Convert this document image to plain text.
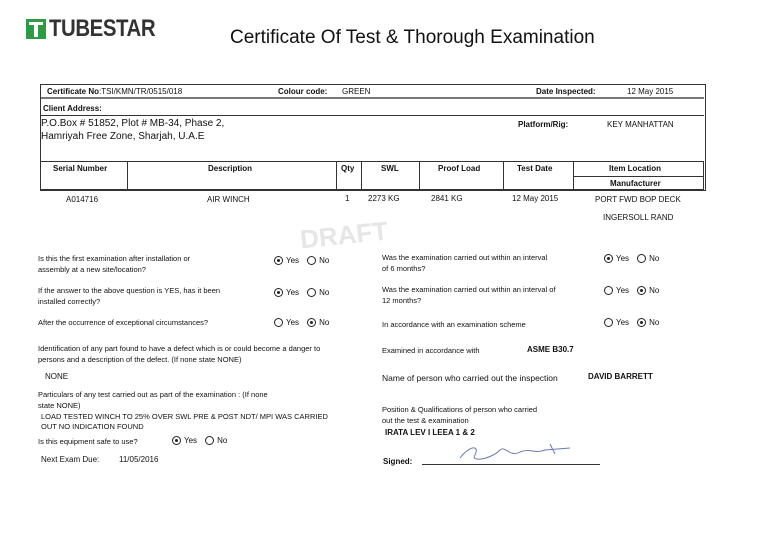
TUBESTAR	Certificate Of Test & Thorough Examination
DRAFT
Certificate No:TSI/KMN/TR/0515/018	Colour code: GREEN	Date Inspected:	12 May 2015
Client Address:
P.O.Box # 51852, Plot # MB-34, Phase 2,
Hamriyah Free Zone, Sharjah, U.A.E
Platform/Rig:	KEY MANHATTAN
Serial Number	Description	Qty	SWL	Proof Load	Test Date	Item Location
Manufacturer
A014716	AIR WINCH	1 2273 KG	2841 KG	12 May 2015	PORT FWD BOP DECK
INGERSOLL RAND
Is this the first examination after installation or
assembly at a new site/location?
Yes	No
If the answer to the above question is YES, has it been
installed correctly?
Yes	No
After the occurrence of exceptional circumstances?	Yes	No
Identification of any part found to have a defect which is or could become a danger to
persons and a description of the defect. (If none state NONE)
NONE
Particulars of any test carried out as part of the examination : (If none
state NONE)
LOAD TESTED WINCH TO 25% OVER SWL PRE & POST NDT/ MPI WAS CARRIED
OUT NO INDICATION FOUND
Is this equipment safe to use?	Yes	No
Next Exam Due: 11/05/2016
Was the examination carried out within an interval
of 6 months?
Yes	No
Was the examination carried out within an interval of
12 months?
Yes	No
In accordance with an examination scheme	Yes	No
Examined in accordance with	ASME B30.7
Name of person who carried out the inspection	DAVID BARRETT
Position & Qualifications of person who carried
out the test & examination
IRATA LEV I LEEA 1 & 2
Signed:
